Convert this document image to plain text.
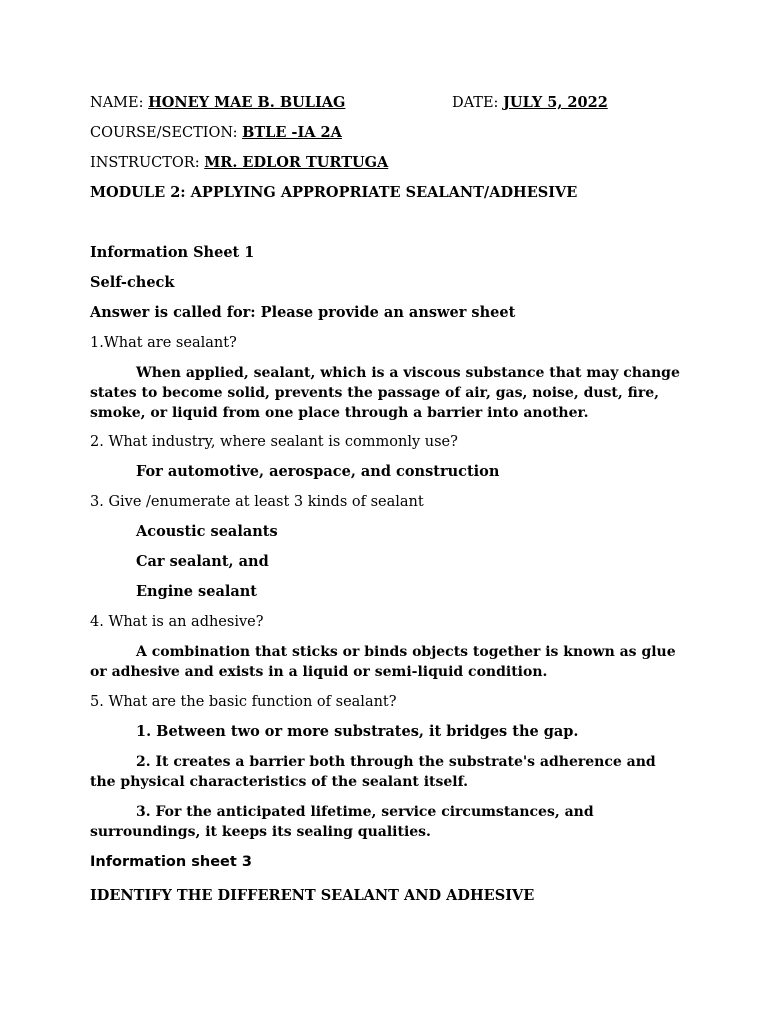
NAME: HONEY MAE B. BULIAG	DATE: JULY 5, 2022
COURSE/SECTION: BTLE -IA 2A
INSTRUCTOR: MR. EDLOR TURTUGA
MODULE 2: APPLYING APPROPRIATE SEALANT/ADHESIVE
Information Sheet 1
Self-check
Answer is called for: Please provide an answer sheet
1.What are sealant?
When applied, sealant, which is a viscous substance that may change states to become solid, prevents the passage of air, gas, noise, dust, fire, smoke, or liquid from one place through a barrier into another.
2. What industry, where sealant is commonly use?
For automotive, aerospace, and construction
3. Give /enumerate at least 3 kinds of sealant
Acoustic sealants
Car sealant, and
Engine sealant
4. What is an adhesive?
A combination that sticks or binds objects together is known as glue or adhesive and exists in a liquid or semi-liquid condition.
5. What are the basic function of sealant?
1. Between two or more substrates, it bridges the gap.
2. It creates a barrier both through the substrate's adherence and the physical characteristics of the sealant itself.
3. For the anticipated lifetime, service circumstances, and surroundings, it keeps its sealing qualities.
Information sheet 3
IDENTIFY THE DIFFERENT SEALANT AND ADHESIVE
